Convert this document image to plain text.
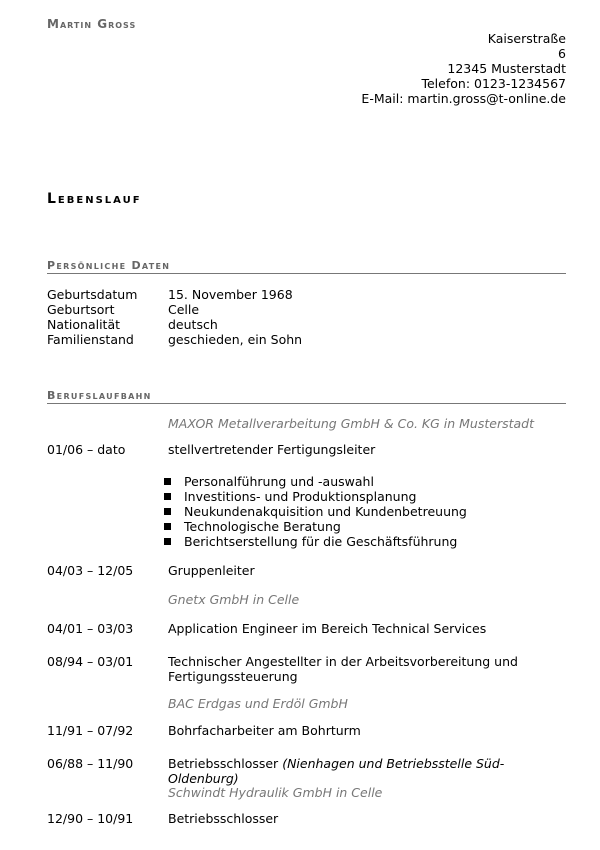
Martin Gross
Kaiserstraße
6
12345 Musterstadt
Telefon: 0123-1234567
E-Mail: martin.gross@t-online.de
Lebenslauf
Persönliche Daten
Geburtsdatum	15. November 1968
Geburtsort	Celle
Nationalität	deutsch
Familienstand	geschieden, ein Sohn
Berufslaufbahn
MAXOR Metallverarbeitung GmbH & Co. KG in Musterstadt
01/06 – dato	stellvertretender Fertigungsleiter
Personalführung und -auswahl
Investitions- und Produktionsplanung
Neukundenakquisition und Kundenbetreuung
Technologische Beratung
Berichtserstellung für die Geschäftsführung
04/03 – 12/05	Gruppenleiter
Gnetx GmbH in Celle
04/01 – 03/03	Application Engineer im Bereich Technical Services
08/94 – 03/01	Technischer Angestellter in der Arbeitsvorbereitung und Fertigungssteuerung
BAC Erdgas und Erdöl GmbH
11/91 – 07/92	Bohrfacharbeiter am Bohrturm
06/88 – 11/90	Betriebsschlosser (Nienhagen und Betriebsstelle Süd-Oldenburg)
Schwindt Hydraulik GmbH in Celle
12/90 – 10/91	Betriebsschlosser
